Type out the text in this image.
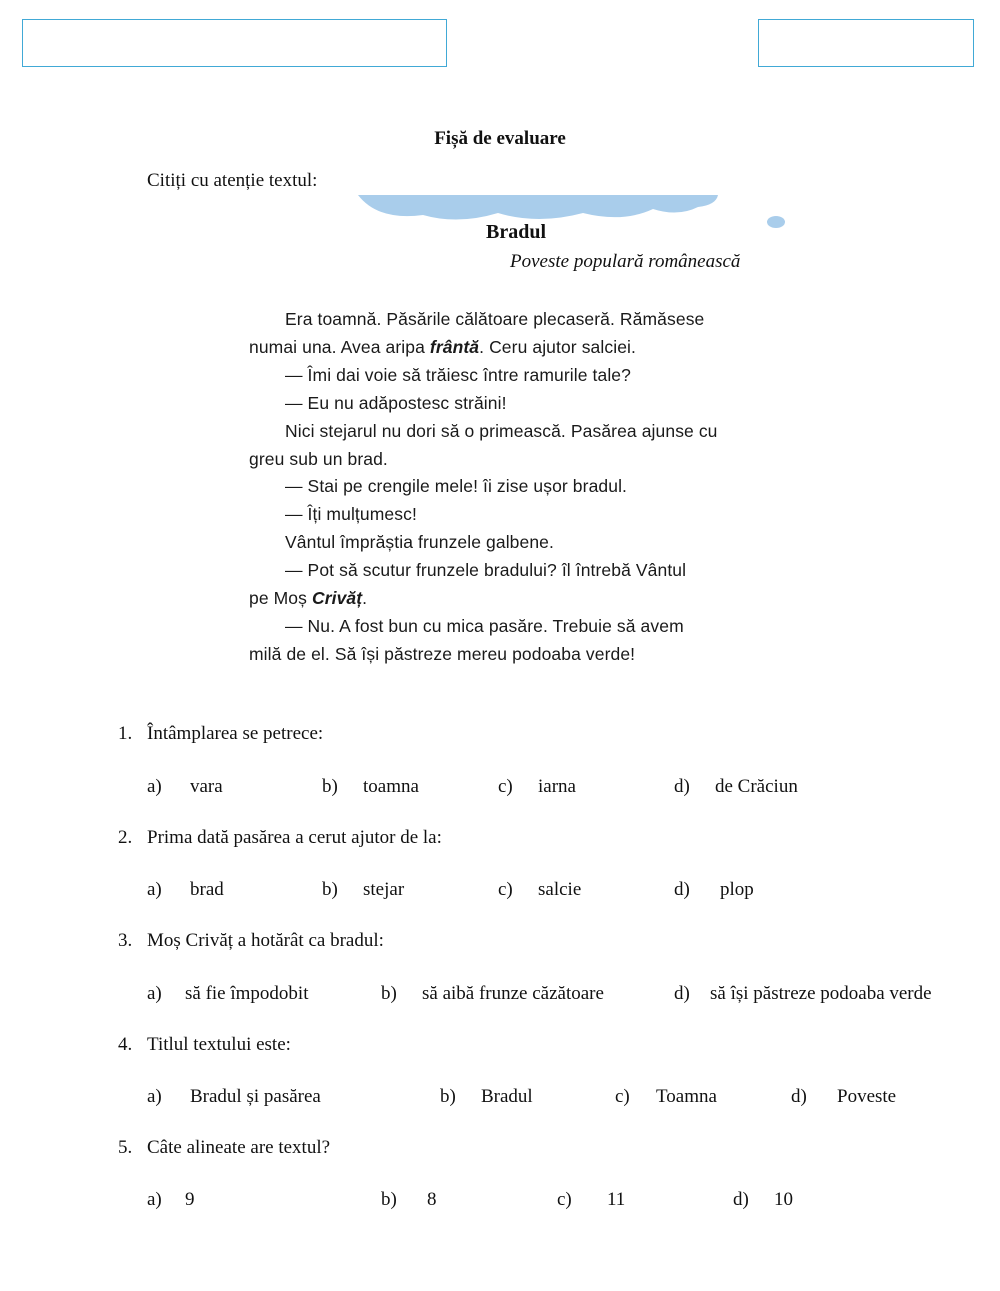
Fișă de evaluare
Citiți cu atenție textul:
Bradul
Poveste populară românească
Era toamnă. Păsările călătoare plecaseră. Rămăsese
numai una. Avea aripa frântă. Ceru ajutor salciei.
— Îmi dai voie să trăiesc între ramurile tale?
— Eu nu adăpostesc străini!
Nici stejarul nu dori să o primească. Pasărea ajunse cu
greu sub un brad.
— Stai pe crengile mele! îi zise ușor bradul.
— Îți mulțumesc!
Vântul împrăștia frunzele galbene.
— Pot să scutur frunzele bradului? îl întrebă Vântul
pe Moș Crivăț.
— Nu. A fost bun cu mica pasăre. Trebuie să avem
milă de el. Să își păstreze mereu podoaba verde!
1. Întâmplarea se petrece:
a) vara	b) toamna	c) iarna	d) de Crăciun
2. Prima dată pasărea a cerut ajutor de la:
a) brad	b) stejar	c) salcie	d) plop
3. Moș Crivăț a hotărât ca bradul:
a) să fie împodobit	b) să aibă frunze căzătoare	d) să își păstreze podoaba verde
4. Titlul textului este:
a) Bradul și pasărea	b) Bradul	c) Toamna	d) Poveste
5. Câte alineate are textul?
a) 9	b) 8	c) 11	d) 10
